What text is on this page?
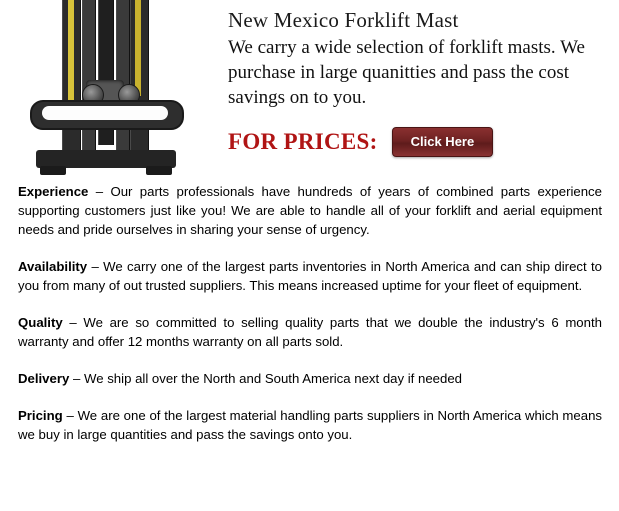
New Mexico Forklift Mast

We carry a wide selection of forklift masts. We purchase in large quanitties and pass the cost savings on to you.

FOR PRICES:	Click Here

Experience – Our parts professionals have hundreds of years of combined parts experience supporting customers just like you! We are able to handle all of your forklift and aerial equipment needs and pride ourselves in sharing your sense of urgency.

Availability – We carry one of the largest parts inventories in North America and can ship direct to you from many of out trusted suppliers. This means increased uptime for your fleet of equipment.

Quality – We are so committed to selling quality parts that we double the industry's 6 month warranty and offer 12 months warranty on all parts sold.

Delivery – We ship all over the North and South America next day if needed

Pricing – We are one of the largest material handling parts suppliers in North America which means we buy in large quantities and pass the savings onto you.
